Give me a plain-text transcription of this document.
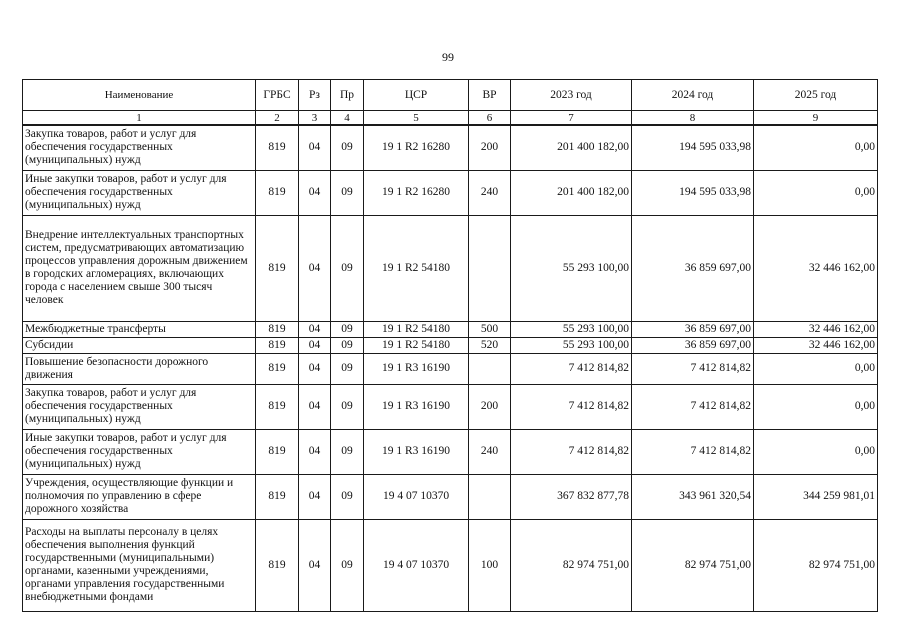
99
Наименование	ГРБС	Рз	Пр	ЦСР	ВР	2023 год	2024 год	2025 год
1	2	3	4	5	6	7	8	9
Закупка товаров, работ и услуг для обеспечения государственных (муниципальных) нужд	819	04	09	19 1 R2 16280	200	201 400 182,00	194 595 033,98	0,00
Иные закупки товаров, работ и услуг для обеспечения государственных (муниципальных) нужд	819	04	09	19 1 R2 16280	240	201 400 182,00	194 595 033,98	0,00
Внедрение интеллектуальных транспортных систем, предусматривающих автоматизацию процессов управления дорожным движением в городских агломерациях, включающих города с населением свыше 300 тысяч человек	819	04	09	19 1 R2 54180		55 293 100,00	36 859 697,00	32 446 162,00
Межбюджетные трансферты	819	04	09	19 1 R2 54180	500	55 293 100,00	36 859 697,00	32 446 162,00
Субсидии	819	04	09	19 1 R2 54180	520	55 293 100,00	36 859 697,00	32 446 162,00
Повышение безопасности дорожного движения	819	04	09	19 1 R3 16190		7 412 814,82	7 412 814,82	0,00
Закупка товаров, работ и услуг для обеспечения государственных (муниципальных) нужд	819	04	09	19 1 R3 16190	200	7 412 814,82	7 412 814,82	0,00
Иные закупки товаров, работ и услуг для обеспечения государственных (муниципальных) нужд	819	04	09	19 1 R3 16190	240	7 412 814,82	7 412 814,82	0,00
Учреждения, осуществляющие функции и полномочия по управлению в сфере дорожного хозяйства	819	04	09	19 4 07 10370		367 832 877,78	343 961 320,54	344 259 981,01
Расходы на выплаты персоналу в целях обеспечения выполнения функций государственными (муниципальными) органами, казенными учреждениями, органами управления государственными внебюджетными фондами	819	04	09	19 4 07 10370	100	82 974 751,00	82 974 751,00	82 974 751,00
